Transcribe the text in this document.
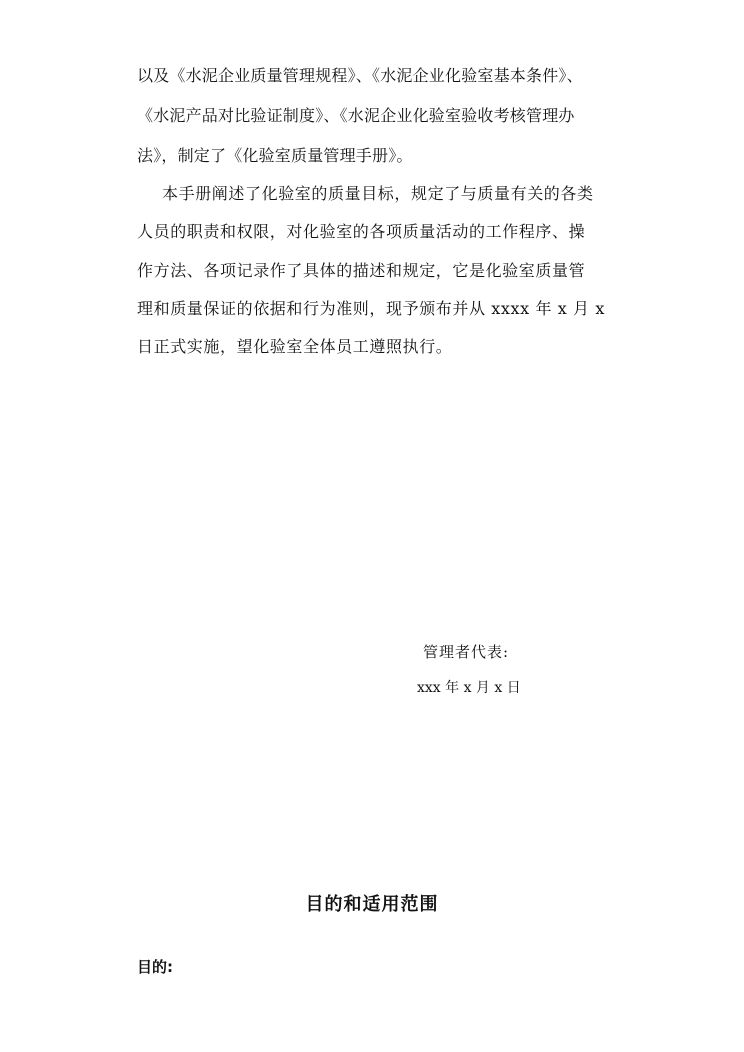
以及《水泥企业质量管理规程》、《水泥企业化验室基本条件》、
《水泥产品对比验证制度》、《水泥企业化验室验收考核管理办
法》，制定了《化验室质量管理手册》。
本手册阐述了化验室的质量目标，规定了与质量有关的各类
人员的职责和权限，对化验室的各项质量活动的工作程序、操
作方法、各项记录作了具体的描述和规定，它是化验室质量管
理和质量保证的依据和行为准则，现予颁布并从 xxxx 年 x 月 x
日正式实施，望化验室全体员工遵照执行。
管理者代表:
xxx 年 x 月 x 日
目的和适用范围
目的:
